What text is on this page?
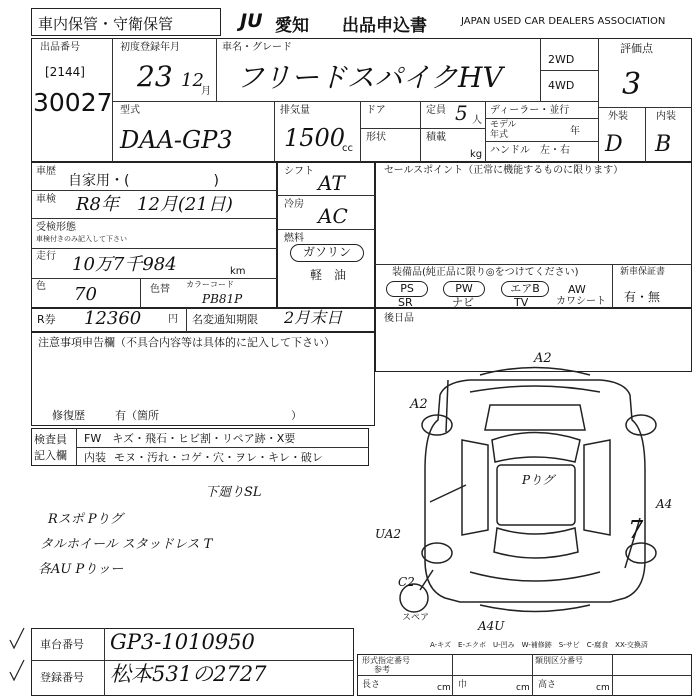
車内保管・守衛保管	JU 愛知 出品申込書	JAPAN USED CAR DEALERS ASSOCIATION
出品番号
[2144]
30027
初度登録年月
23 12
月
車名・グレード
フリードスパイクHV
2WD
4WD
評価点
3
外装	内装
D B
型式
DAA-GP3
排気量
1500
cc
ドア
形状
定員 5 人
積載
kg
ディーラー・並行
モデル
年式	年
ハンドル　左・右
車歴
自家用・(　　　　　　)
車検 R8年　12月(21日)
受検形態
車検付きのみ記入して下さい
走行 10万7千984	km
色 70	色替 カラーコード
PB81P
シフト AT
冷房 AC
燃料
ガソリン
軽　油
セールスポイント（正常に機能するものに限ります）
装備品(純正品に限り◎をつけてください)
PS	PW	エアB	AW
SR	ナビ	TV	カワシート
新車保証書
有・無
R券 12360	円 名変通知期限 2月末日	後日品
注意事項申告欄（不具合内容等は具体的に記入して下さい）
修復歴	有（箇所　　　　　　　　　　　　）
検査員
記入欄
FW　キズ・飛石・ヒビ割・リペア跡・X要
内装 モヌ・汚れ・コゲ・穴・ヲレ・キレ・破レ
下廻りSL
Rスポ Pりグ
タルホイール スタッドレス T
各AU Pりッー
A2
A2
Pりグ
UA2
A4
A4U
C2
7
スペア
A-キズ　E-エクボ　U-凹み　W-補修跡　S-サビ　C-腐食　XX-交換済
形式指定番号
参考
類別区分番号
長さ	cm 巾	cm 高さ	cm
車台番号 GP3-1010950
登録番号 松本531の2727
